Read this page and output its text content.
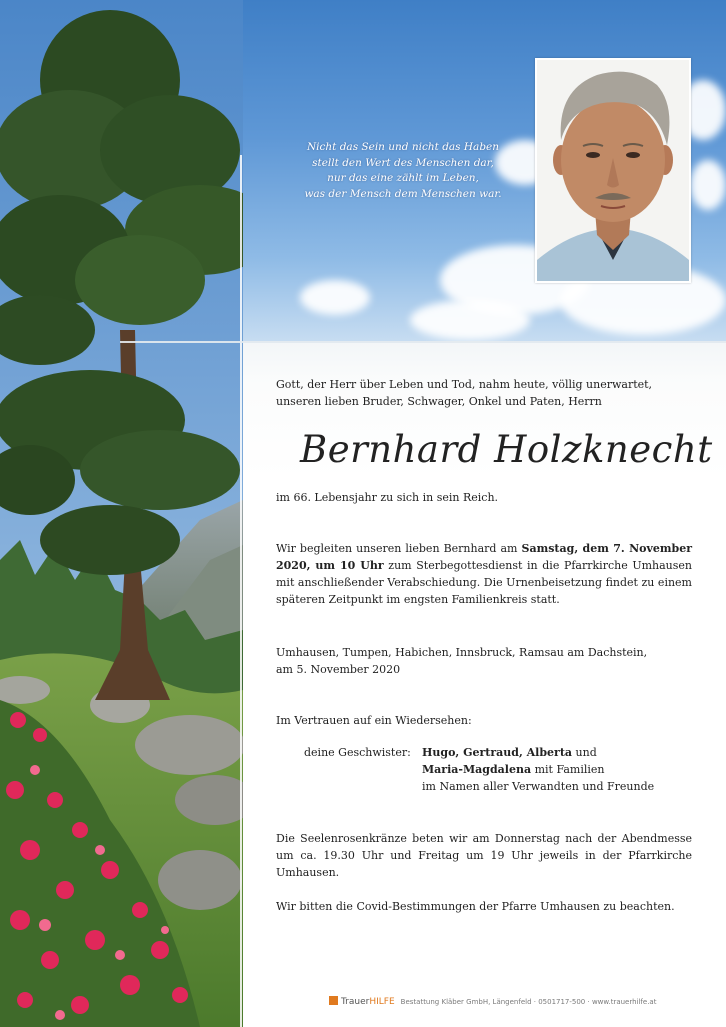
Nicht das Sein und nicht das Haben
stellt den Wert des Menschen dar,
nur das eine zählt im Leben,
was der Mensch dem Menschen war.
Gott, der Herr über Leben und Tod, nahm heute, völlig unerwartet,
unseren lieben Bruder, Schwager, Onkel und Paten, Herrn
Bernhard Holzknecht
im 66. Lebensjahr zu sich in sein Reich.
Wir begleiten unseren lieben Bernhard am Samstag, dem 7. November 2020, um 10 Uhr zum Sterbegottesdienst in die Pfarrkirche Umhausen mit anschließender Verabschiedung. Die Urnenbeisetzung findet zu einem späteren Zeitpunkt im engsten Familienkreis statt.
Umhausen, Tumpen, Habichen, Innsbruck, Ramsau am Dachstein,
am 5. November 2020
Im Vertrauen auf ein Wiedersehen:
deine Geschwister: Hugo, Gertraud, Alberta und
Maria-Magdalena mit Familien
im Namen aller Verwandten und Freunde
Die Seelenrosenkränze beten wir am Donnerstag nach der Abendmesse um ca. 19.30 Uhr und Freitag um 19 Uhr jeweils in der Pfarrkirche Umhausen.
Wir bitten die Covid-Bestimmungen der Pfarre Umhausen zu beachten.
TrauerHILFE Bestattung Kläber GmbH, Längenfeld · 0501717-500 · www.trauerhilfe.at
